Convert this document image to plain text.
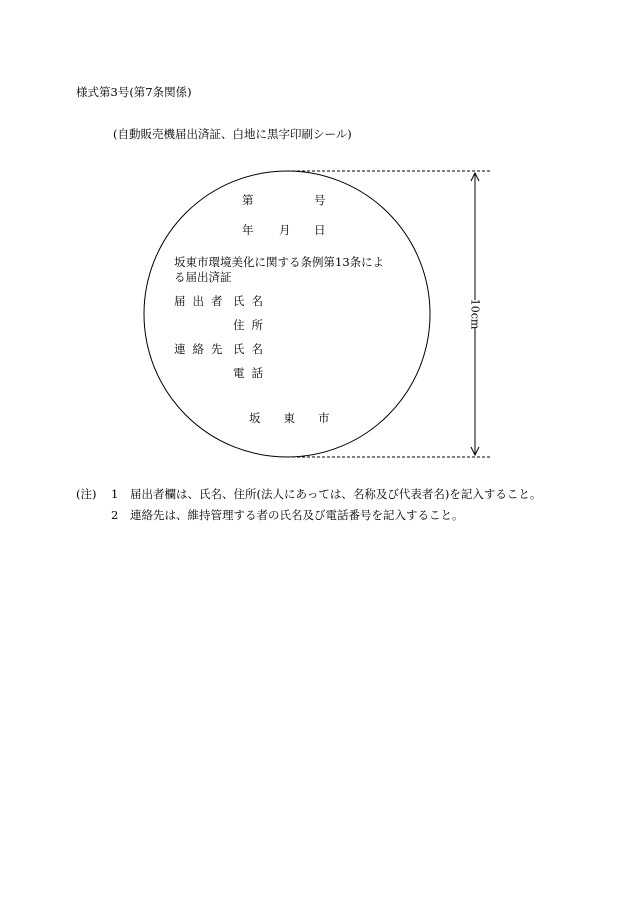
様式第3号(第7条関係)
(自動販売機届出済証、白地に黒字印刷シール)
10cm
第	号
年 月 日
坂東市環境美化に関する条例第13条によ
る届出済証
届出者 氏名
住所
連絡先 氏名
電話
坂東市
(注) 1 届出者欄は、氏名、住所(法人にあっては、名称及び代表者名)を記入すること。
2 連絡先は、維持管理する者の氏名及び電話番号を記入すること。
